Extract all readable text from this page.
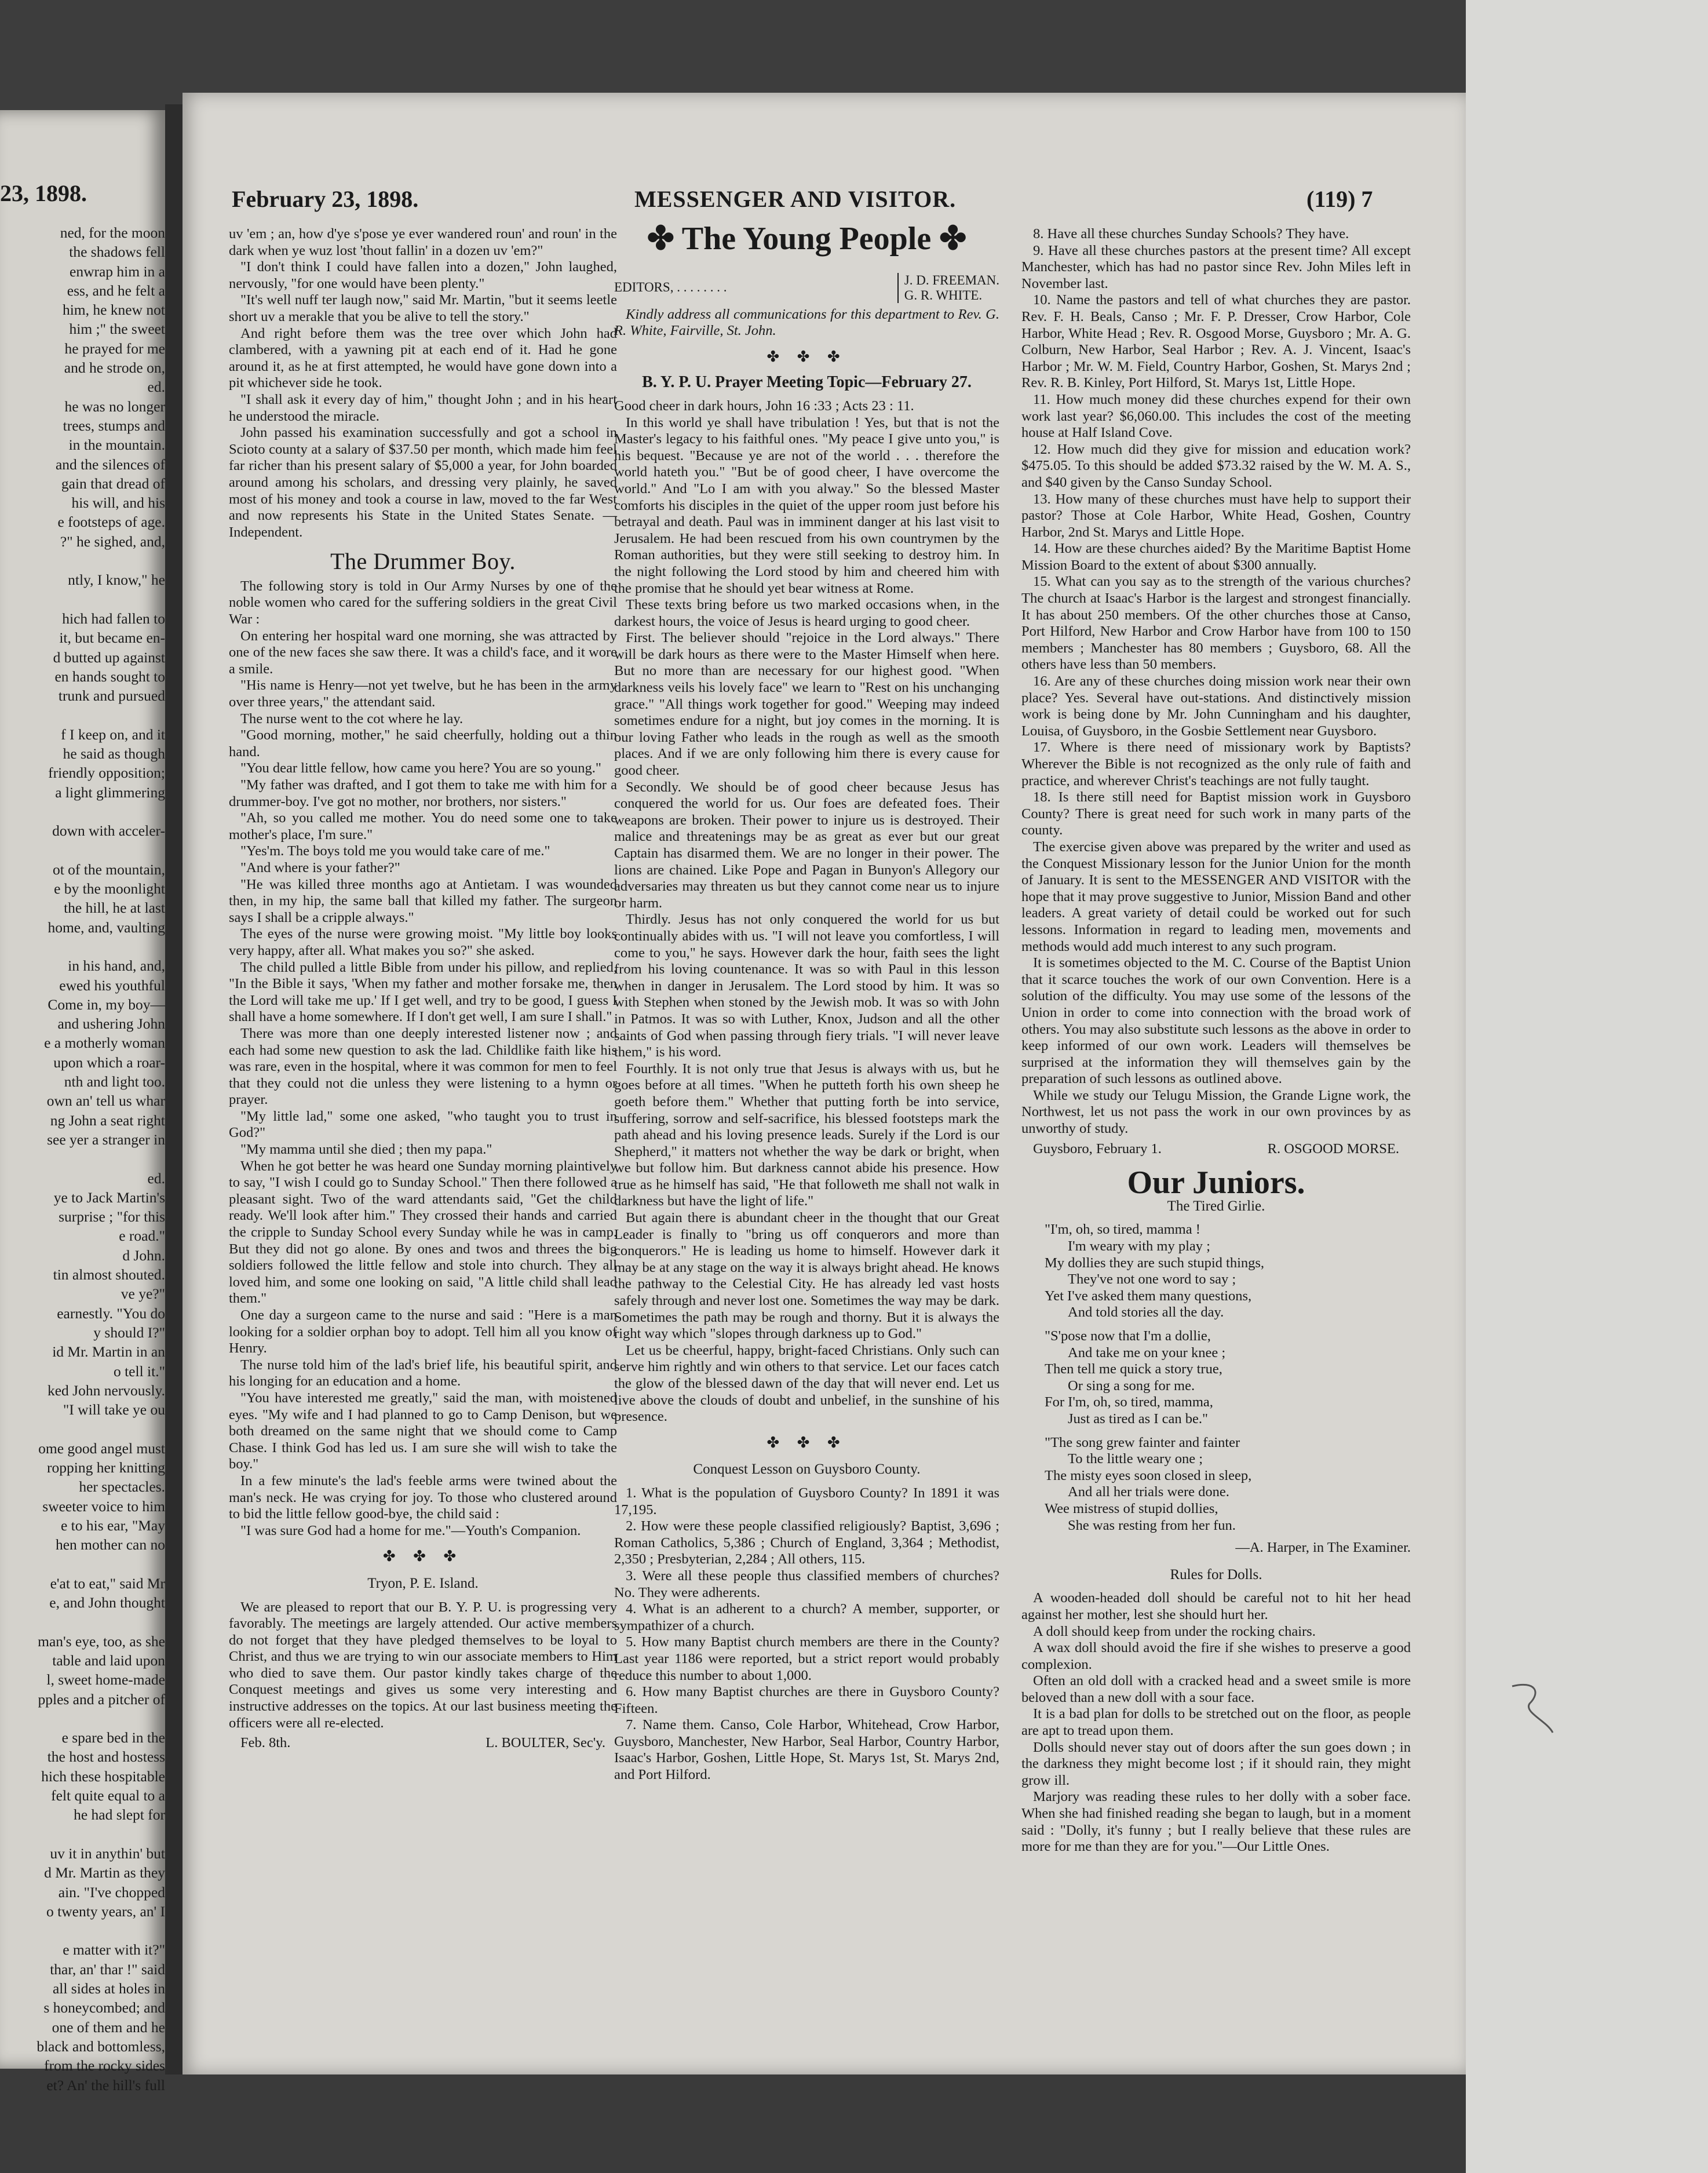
23, 1898.
ned, for the moon
the shadows fell
enwrap him in a
ess, and he felt a
him, he knew not
him ;" the sweet
he prayed for me
and he strode on,
ed.
he was no longer
trees, stumps and
in the mountain.
and the silences of
gain that dread of
his will, and his
e footsteps of age.
?" he sighed, and,

ntly, I know," he

hich had fallen to
it, but became en-
d butted up against
en hands sought to
trunk and pursued

f I keep on, and it
he said as though
friendly opposition;
a light glimmering

down with acceler-

ot of the mountain,
e by the moonlight
the hill, he at last
home, and, vaulting

in his hand, and,
ewed his youthful
Come in, my boy—
and ushering John
e a motherly woman
upon which a roar-
nth and light too.
own an' tell us whar
ng John a seat right
see yer a stranger in

ed.
ye to Jack Martin's
surprise ; "for this
e road."
d John.
tin almost shouted.
ve ye?"
earnestly. "You do
y should I?"
id Mr. Martin in an
o tell it."
ked John nervously.
"I will take ye ou

ome good angel must
ropping her knitting
her spectacles.
sweeter voice to him
e to his ear, "May
hen mother can no

e'at to eat," said Mr
e, and John thought

man's eye, too, as she
table and laid upon
l, sweet home-made
pples and a pitcher of

e spare bed in the
the host and hostess
hich these hospitable
felt quite equal to a
he had slept for

uv it in anythin' but
d Mr. Martin as they
ain. "I've chopped
o twenty years, an' I

e matter with it?"
thar, an' thar !" said
all sides at holes in
s honeycombed; and
one of them and he
black and bottomless,
from the rocky sides
et? An' the hill's full
February 23, 1898.	MESSENGER AND VISITOR.	(119) 7

uv 'em ; an, how d'ye s'pose ye ever wandered roun' and roun' in the dark when ye wuz lost 'thout fallin' in a dozen uv 'em?"

"I don't think I could have fallen into a dozen," John laughed, nervously, "for one would have been plenty."

"It's well nuff ter laugh now," said Mr. Martin, "but it seems leetle short uv a merakle that you be alive to tell the story."

And right before them was the tree over which John had clambered, with a yawning pit at each end of it. Had he gone around it, as he at first attempted, he would have gone down into a pit whichever side he took.

"I shall ask it every day of him," thought John ; and in his heart he understood the miracle.

John passed his examination successfully and got a school in Scioto county at a salary of $37.50 per month, which made him feel far richer than his present salary of $5,000 a year, for John boarded around among his scholars, and dressing very plainly, he saved most of his money and took a course in law, moved to the far West and now represents his State in the United States Senate. —Independent.

The Drummer Boy.

The following story is told in Our Army Nurses by one of the noble women who cared for the suffering soldiers in the great Civil War :

On entering her hospital ward one morning, she was attracted by one of the new faces she saw there. It was a child's face, and it wore a smile.

"His name is Henry—not yet twelve, but he has been in the army over three years," the attendant said.

The nurse went to the cot where he lay.

"Good morning, mother," he said cheerfully, holding out a thin hand.

"You dear little fellow, how came you here? You are so young."

"My father was drafted, and I got them to take me with him for a drummer-boy. I've got no mother, nor brothers, nor sisters."

"Ah, so you called me mother. You do need some one to take mother's place, I'm sure."

"Yes'm. The boys told me you would take care of me."

"And where is your father?"

"He was killed three months ago at Antietam. I was wounded then, in my hip, the same ball that killed my father. The surgeon says I shall be a cripple always."

The eyes of the nurse were growing moist. "My little boy looks very happy, after all. What makes you so?" she asked.

The child pulled a little Bible from under his pillow, and replied, "In the Bible it says, 'When my father and mother forsake me, then the Lord will take me up.' If I get well, and try to be good, I guess I shall have a home somewhere. If I don't get well, I am sure I shall."

There was more than one deeply interested listener now ; and each had some new question to ask the lad. Childlike faith like his was rare, even in the hospital, where it was common for men to feel that they could not die unless they were listening to a hymn or prayer.

"My little lad," some one asked, "who taught you to trust in God?"

"My mamma until she died ; then my papa."

When he got better he was heard one Sunday morning plaintively to say, "I wish I could go to Sunday School." Then there followed a pleasant sight. Two of the ward attendants said, "Get the child ready. We'll look after him." They crossed their hands and carried the cripple to Sunday School every Sunday while he was in camp. But they did not go alone. By ones and twos and threes the big soldiers followed the little fellow and stole into church. They all loved him, and some one looking on said, "A little child shall lead them."

One day a surgeon came to the nurse and said : "Here is a man looking for a soldier orphan boy to adopt. Tell him all you know of Henry.

The nurse told him of the lad's brief life, his beautiful spirit, and his longing for an education and a home.

"You have interested me greatly," said the man, with moistened eyes. "My wife and I had planned to go to Camp Denison, but we both dreamed on the same night that we should come to Camp Chase. I think God has led us. I am sure she will wish to take the boy."

In a few minute's the lad's feeble arms were twined about the man's neck. He was crying for joy. To those who clustered around to bid the little fellow good-bye, the child said :

"I was sure God had a home for me."—Youth's Companion.

✤ ✤ ✤
Tryon, P. E. Island.

We are pleased to report that our B. Y. P. U. is progressing very favorably. The meetings are largely attended. Our active members do not forget that they have pledged themselves to be loyal to Christ, and thus we are trying to win our associate members to Him who died to save them. Our pastor kindly takes charge of the Conquest meetings and gives us some very interesting and instructive addresses on the topics. At our last business meeting the officers were all re-elected.

Feb. 8th.	L. BOULTER, Sec'y.
✤ The Young People ✤
EDITORS, . . . . . . . .
J. D. FREEMAN.
G. R. WHITE.

Kindly address all communications for this department to Rev. G. R. White, Fairville, St. John.

✤ ✤ ✤
B. Y. P. U. Prayer Meeting Topic—February 27.

Good cheer in dark hours, John 16 :33 ; Acts 23 : 11.

In this world ye shall have tribulation ! Yes, but that is not the Master's legacy to his faithful ones. "My peace I give unto you," is his bequest. "Because ye are not of the world . . . therefore the world hateth you." "But be of good cheer, I have overcome the world." And "Lo I am with you alway." So the blessed Master comforts his disciples in the quiet of the upper room just before his betrayal and death. Paul was in imminent danger at his last visit to Jerusalem. He had been rescued from his own countrymen by the Roman authorities, but they were still seeking to destroy him. In the night following the Lord stood by him and cheered him with the promise that he should yet bear witness at Rome.

These texts bring before us two marked occasions when, in the darkest hours, the voice of Jesus is heard urging to good cheer.

First. The believer should "rejoice in the Lord always." There will be dark hours as there were to the Master Himself when here. But no more than are necessary for our highest good. "When darkness veils his lovely face" we learn to "Rest on his unchanging grace." "All things work together for good." Weeping may indeed sometimes endure for a night, but joy comes in the morning. It is our loving Father who leads in the rough as well as the smooth places. And if we are only following him there is every cause for good cheer.

Secondly. We should be of good cheer because Jesus has conquered the world for us. Our foes are defeated foes. Their weapons are broken. Their power to injure us is destroyed. Their malice and threatenings may be as great as ever but our great Captain has disarmed them. We are no longer in their power. The lions are chained. Like Pope and Pagan in Bunyon's Allegory our adversaries may threaten us but they cannot come near us to injure or harm.

Thirdly. Jesus has not only conquered the world for us but continually abides with us. "I will not leave you comfortless, I will come to you," he says. However dark the hour, faith sees the light from his loving countenance. It was so with Paul in this lesson when in danger in Jerusalem. The Lord stood by him. It was so with Stephen when stoned by the Jewish mob. It was so with John in Patmos. It was so with Luther, Knox, Judson and all the other saints of God when passing through fiery trials. "I will never leave them," is his word.

Fourthly. It is not only true that Jesus is always with us, but he goes before at all times. "When he putteth forth his own sheep he goeth before them." Whether that putting forth be into service, suffering, sorrow and self-sacrifice, his blessed footsteps mark the path ahead and his loving presence leads. Surely if the Lord is our Shepherd," it matters not whether the way be dark or bright, when we but follow him. But darkness cannot abide his presence. How true as he himself has said, "He that followeth me shall not walk in darkness but have the light of life."

But again there is abundant cheer in the thought that our Great Leader is finally to "bring us off conquerors and more than conquerors." He is leading us home to himself. However dark it may be at any stage on the way it is always bright ahead. He knows the pathway to the Celestial City. He has already led vast hosts safely through and never lost one. Sometimes the way may be dark. Sometimes the path may be rough and thorny. But it is always the right way which "slopes through darkness up to God."

Let us be cheerful, happy, bright-faced Christians. Only such can serve him rightly and win others to that service. Let our faces catch the glow of the blessed dawn of the day that will never end. Let us live above the clouds of doubt and unbelief, in the sunshine of his presence.

✤ ✤ ✤
Conquest Lesson on Guysboro County.

1. What is the population of Guysboro County? In 1891 it was 17,195.

2. How were these people classified religiously? Baptist, 3,696 ; Roman Catholics, 5,386 ; Church of England, 3,364 ; Methodist, 2,350 ; Presbyterian, 2,284 ; All others, 115.

3. Were all these people thus classified members of churches? No. They were adherents.

4. What is an adherent to a church? A member, supporter, or sympathizer of a church.

5. How many Baptist church members are there in the County? Last year 1186 were reported, but a strict report would probably reduce this number to about 1,000.

6. How many Baptist churches are there in Guysboro County? Fifteen.

7. Name them. Canso, Cole Harbor, Whitehead, Crow Harbor, Guysboro, Manchester, New Harbor, Seal Harbor, Country Harbor, Isaac's Harbor, Goshen, Little Hope, St. Marys 1st, St. Marys 2nd, and Port Hilford.

8. Have all these churches Sunday Schools? They have.

9. Have all these churches pastors at the present time? All except Manchester, which has had no pastor since Rev. John Miles left in November last.

10. Name the pastors and tell of what churches they are pastor. Rev. F. H. Beals, Canso ; Mr. F. P. Dresser, Crow Harbor, Cole Harbor, White Head ; Rev. R. Osgood Morse, Guysboro ; Mr. A. G. Colburn, New Harbor, Seal Harbor ; Rev. A. J. Vincent, Isaac's Harbor ; Mr. W. M. Field, Country Harbor, Goshen, St. Marys 2nd ; Rev. R. B. Kinley, Port Hilford, St. Marys 1st, Little Hope.

11. How much money did these churches expend for their own work last year? $6,060.00. This includes the cost of the meeting house at Half Island Cove.

12. How much did they give for mission and education work? $475.05. To this should be added $73.32 raised by the W. M. A. S., and $40 given by the Canso Sunday School.

13. How many of these churches must have help to support their pastor? Those at Cole Harbor, White Head, Goshen, Country Harbor, 2nd St. Marys and Little Hope.

14. How are these churches aided? By the Maritime Baptist Home Mission Board to the extent of about $300 annually.

15. What can you say as to the strength of the various churches? The church at Isaac's Harbor is the largest and strongest financially. It has about 250 members. Of the other churches those at Canso, Port Hilford, New Harbor and Crow Harbor have from 100 to 150 members ; Manchester has 80 members ; Guysboro, 68. All the others have less than 50 members.

16. Are any of these churches doing mission work near their own place? Yes. Several have out-stations. And distinctively mission work is being done by Mr. John Cunningham and his daughter, Louisa, of Guysboro, in the Gosbie Settlement near Guysboro.

17. Where is there need of missionary work by Baptists? Wherever the Bible is not recognized as the only rule of faith and practice, and wherever Christ's teachings are not fully taught.

18. Is there still need for Baptist mission work in Guysboro County? There is great need for such work in many parts of the county.

The exercise given above was prepared by the writer and used as the Conquest Missionary lesson for the Junior Union for the month of January. It is sent to the MESSENGER AND VISITOR with the hope that it may prove suggestive to Junior, Mission Band and other leaders. A great variety of detail could be worked out for such lessons. Information in regard to leading men, movements and methods would add much interest to any such program.

It is sometimes objected to the M. C. Course of the Baptist Union that it scarce touches the work of our own Convention. Here is a solution of the difficulty. You may use some of the lessons of the Union in order to come into connection with the broad work of others. You may also substitute such lessons as the above in order to keep informed of our own work. Leaders will themselves be surprised at the information they will themselves gain by the preparation of such lessons as outlined above.

While we study our Telugu Mission, the Grande Ligne work, the Northwest, let us not pass the work in our own provinces by as unworthy of study.

Guysboro, February 1.	R. OSGOOD MORSE.
Our Juniors.
The Tired Girlie.
"I'm, oh, so tired, mamma !
I'm weary with my play ;
My dollies they are such stupid things,
They've not one word to say ;
Yet I've asked them many questions,
And told stories all the day.
"S'pose now that I'm a dollie,
And take me on your knee ;
Then tell me quick a story true,
Or sing a song for me.
For I'm, oh, so tired, mamma,
Just as tired as I can be."
"The song grew fainter and fainter
To the little weary one ;
The misty eyes soon closed in sleep,
And all her trials were done.
Wee mistress of stupid dollies,
She was resting from her fun.
—A. Harper, in The Examiner.
Rules for Dolls.

A wooden-headed doll should be careful not to hit her head against her mother, lest she should hurt her.

A doll should keep from under the rocking chairs.

A wax doll should avoid the fire if she wishes to preserve a good complexion.

Often an old doll with a cracked head and a sweet smile is more beloved than a new doll with a sour face.

It is a bad plan for dolls to be stretched out on the floor, as people are apt to tread upon them.

Dolls should never stay out of doors after the sun goes down ; in the darkness they might become lost ; if it should rain, they might grow ill.

Marjory was reading these rules to her dolly with a sober face. When she had finished reading she began to laugh, but in a moment said : "Dolly, it's funny ; but I really believe that these rules are more for me than they are for you."—Our Little Ones.
